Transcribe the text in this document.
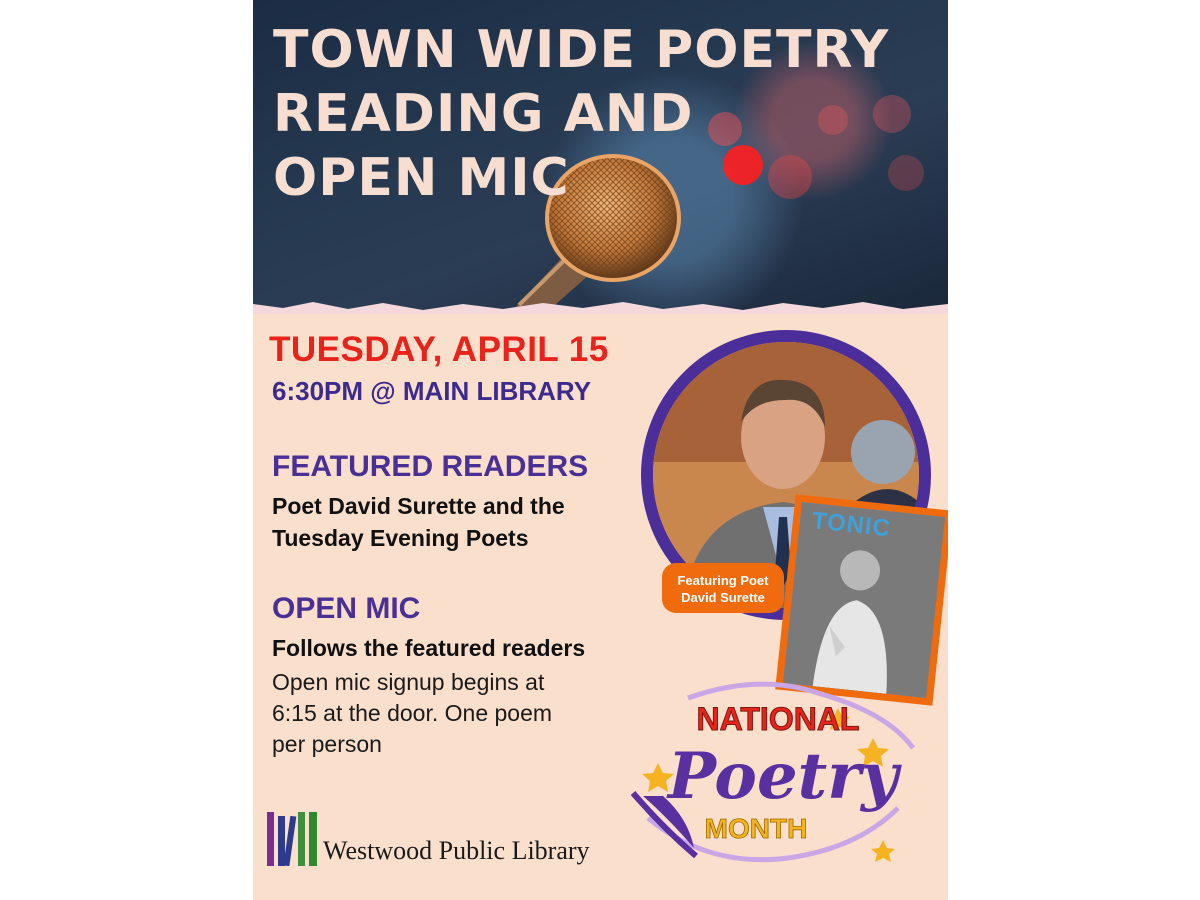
TOWN WIDE POETRY
READING AND
OPEN MIC
TUESDAY, APRIL 15
6:30PM @ MAIN LIBRARY
FEATURED READERS
Poet David Surette and the
Tuesday Evening Poets
OPEN MIC
Follows the featured readers
Open mic signup begins at
6:15 at the door. One poem
per person
TONIC
Featuring Poet
David Surette
NATIONAL
Poetry
MONTH
Westwood Public Library
